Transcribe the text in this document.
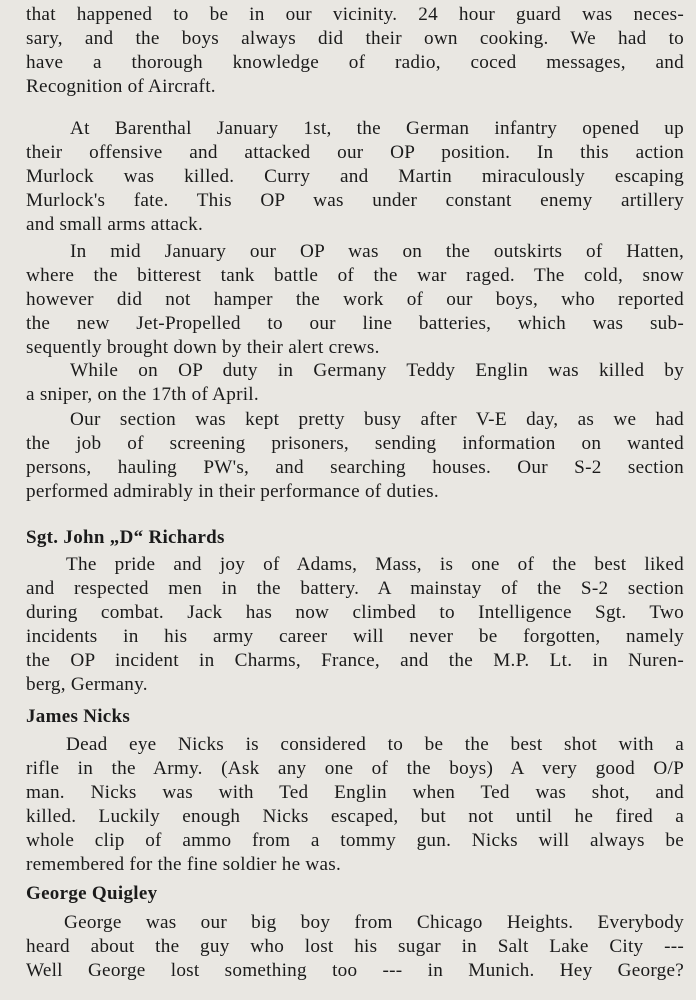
that happened to be in our vicinity. 24 hour guard was neces-
sary, and the boys always did their own cooking. We had to
have a thorough knowledge of radio, coced messages, and
Recognition of Aircraft.
At Barenthal January 1st, the German infantry opened up
their offensive and attacked our OP position. In this action
Murlock was killed. Curry and Martin miraculously escaping
Murlock's fate. This OP was under constant enemy artillery
and small arms attack.
In mid January our OP was on the outskirts of Hatten,
where the bitterest tank battle of the war raged. The cold, snow
however did not hamper the work of our boys, who reported
the new Jet-Propelled to our line batteries, which was sub-
sequently brought down by their alert crews.
While on OP duty in Germany Teddy Englin was killed by
a sniper, on the 17th of April.
Our section was kept pretty busy after V-E day, as we had
the job of screening prisoners, sending information on wanted
persons, hauling PW's, and searching houses. Our S-2 section
performed admirably in their performance of duties.
Sgt. John „D“ Richards
The pride and joy of Adams, Mass, is one of the best liked
and respected men in the battery. A mainstay of the S-2 section
during combat. Jack has now climbed to Intelligence Sgt. Two
incidents in his army career will never be forgotten, namely
the OP incident in Charms, France, and the M.P. Lt. in Nuren-
berg, Germany.
James Nicks
Dead eye Nicks is considered to be the best shot with a
rifle in the Army. (Ask any one of the boys) A very good O/P
man. Nicks was with Ted Englin when Ted was shot, and
killed. Luckily enough Nicks escaped, but not until he fired a
whole clip of ammo from a tommy gun. Nicks will always be
remembered for the fine soldier he was.
George Quigley
George was our big boy from Chicago Heights. Everybody
heard about the guy who lost his sugar in Salt Lake City ---
Well George lost something too --- in Munich. Hey George?
